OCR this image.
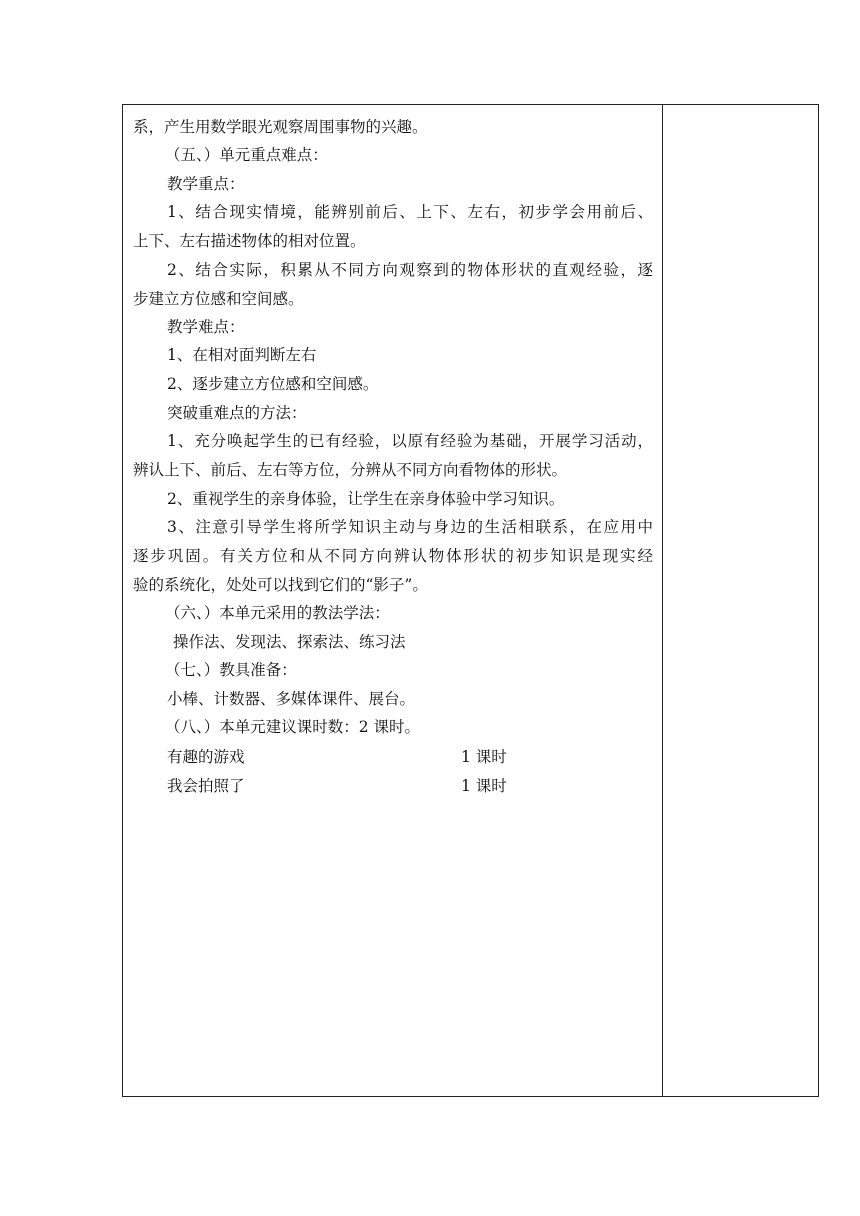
系，产生用数学眼光观察周围事物的兴趣。
（五、）单元重点难点：
教学重点：
1、结合现实情境，能辨别前后、上下、左右，初步学会用前后、
上下、左右描述物体的相对位置。
2、结合实际，积累从不同方向观察到的物体形状的直观经验，逐
步建立方位感和空间感。
教学难点：
1、在相对面判断左右
2、逐步建立方位感和空间感。
突破重难点的方法：
1、充分唤起学生的已有经验，以原有经验为基础，开展学习活动，
辨认上下、前后、左右等方位，分辨从不同方向看物体的形状。
2、重视学生的亲身体验，让学生在亲身体验中学习知识。
3、注意引导学生将所学知识主动与身边的生活相联系，在应用中
逐步巩固。有关方位和从不同方向辨认物体形状的初步知识是现实经
验的系统化，处处可以找到它们的“影子”。
（六、）本单元采用的教法学法：
操作法、发现法、探索法、练习法
（七、）教具准备：
小棒、计数器、多媒体课件、展台。
（八、）本单元建议课时数：2 课时。
有趣的游戏	1 课时
我会拍照了	1 课时
